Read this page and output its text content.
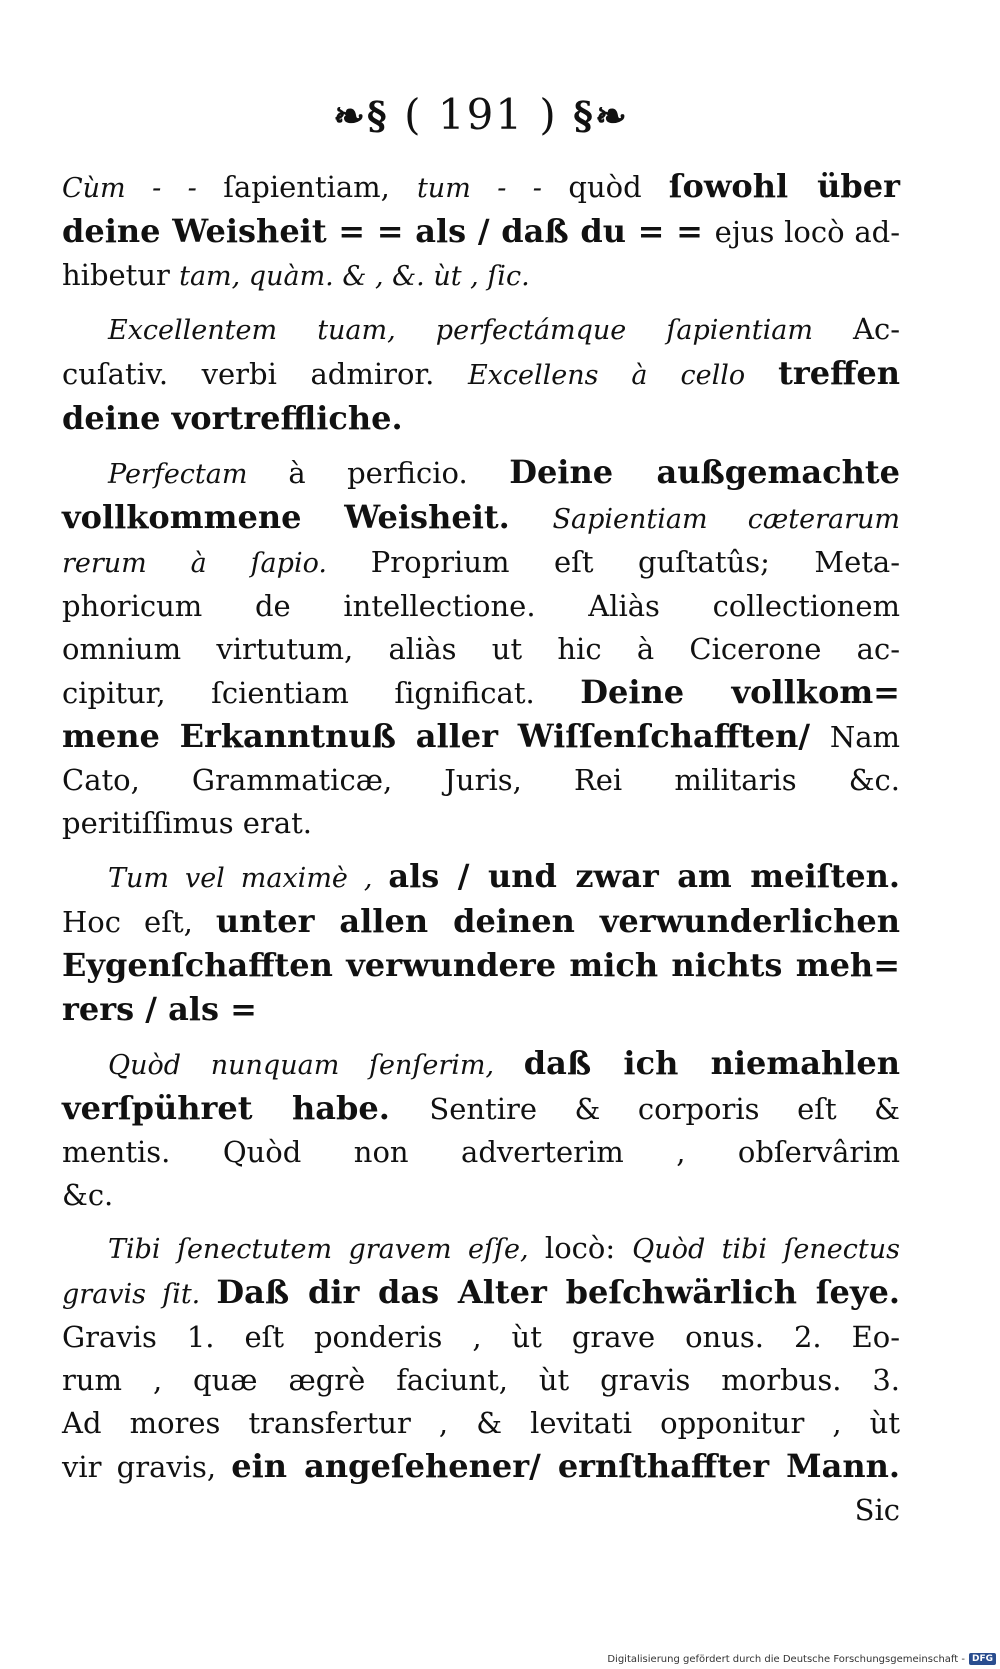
❧§ ( 191 ) §❧
Cùm - - ſapientiam, tum - - quòd ſowohl über
deine Weisheit = = als / daß du = = ejus locò ad-
hibetur tam, quàm. & , &. ùt , ſic.
Excellentem tuam, perfectámque ſapientiam Ac-
cuſativ. verbi admiror. Excellens à cello treffen
deine vortreffliche.
Perfectam à perficio. Deine außgemachte
vollkommene Weisheit. Sapientiam cæterarum
rerum à ſapio. Proprium eſt guſtatûs; Meta-
phoricum de intellectione. Aliàs collectionem
omnium virtutum, aliàs ut hic à Cicerone ac-
cipitur, ſcientiam ſignificat. Deine vollkom=
mene Erkanntnuß aller Wiſſenſchafften/ Nam
Cato, Grammaticæ, Juris, Rei militaris &c.
peritiſſimus erat.
Tum vel maximè , als / und zwar am meiſten.
Hoc eſt, unter allen deinen verwunderlichen
Eygenſchafften verwundere mich nichts meh=
rers / als =
Quòd nunquam ſenſerim, daß ich niemahlen
verſpühret habe. Sentire & corporis eſt &
mentis. Quòd non adverterim , obſervârim
&c.
Tibi ſenectutem gravem eſſe, locò: Quòd tibi ſenectus
gravis ſit. Daß dir das Alter beſchwärlich ſeye.
Gravis 1. eſt ponderis , ùt grave onus. 2. Eo-
rum , quæ ægrè faciunt, ùt gravis morbus. 3.
Ad mores transfertur , & levitati opponitur , ùt
vir gravis, ein angeſehener/ ernſthaffter Mann.
Sic
Digitalisierung gefördert durch die Deutsche Forschungsgemeinschaft - DFG
